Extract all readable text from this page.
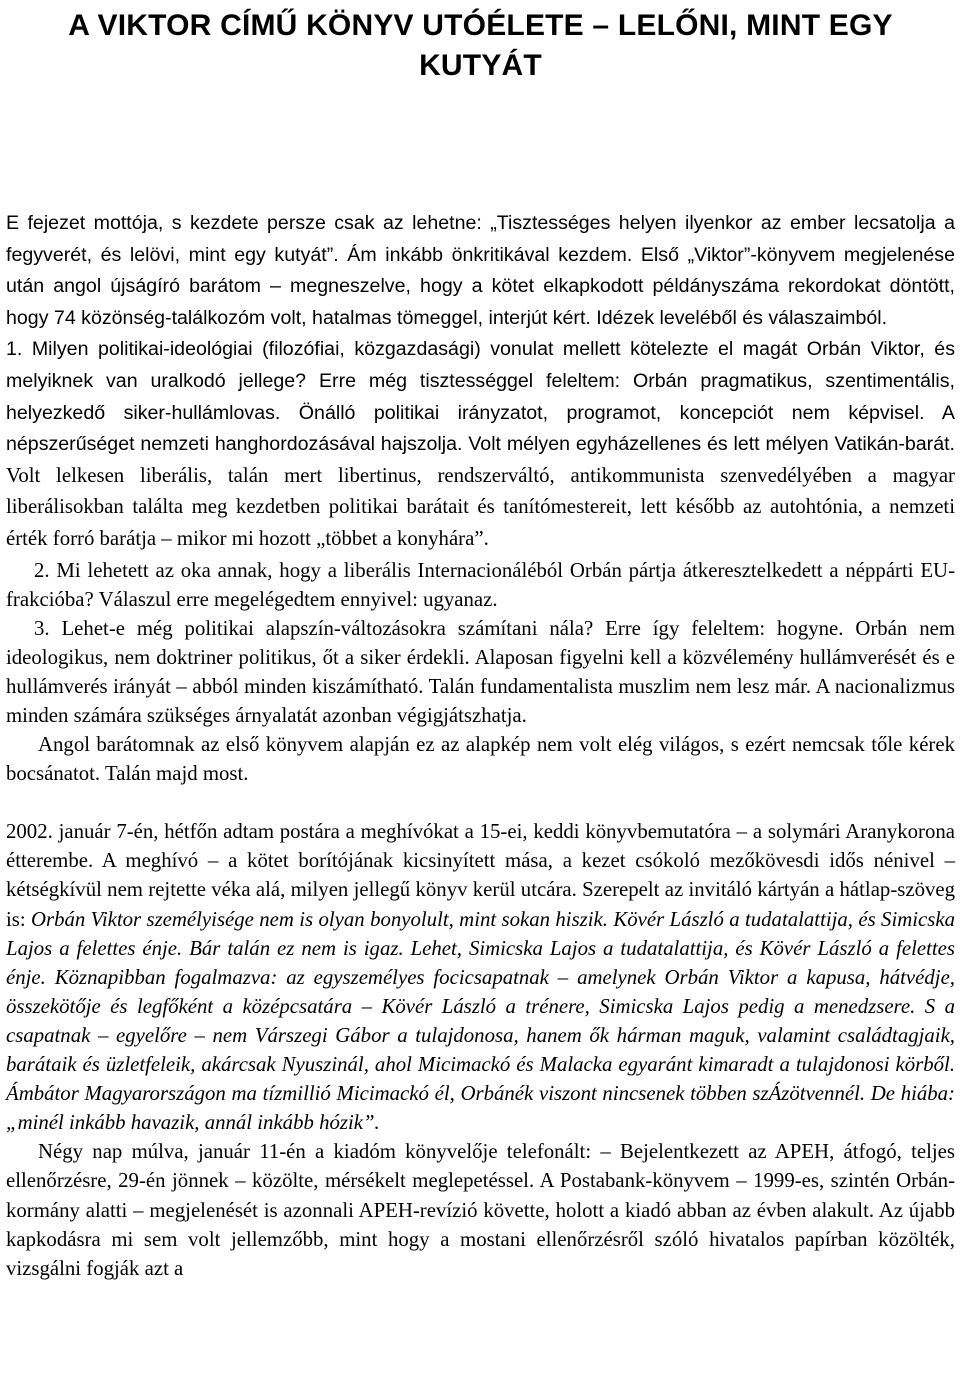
A VIKTOR CÍMŰ KÖNYV UTÓÉLETE – LELŐNI, MINT EGY KUTYÁT

E fejezet mottója, s kezdete persze csak az lehetne: „Tisztességes helyen ilyenkor az ember lecsatolja a fegyverét, és lelövi, mint egy kutyát”. Ám inkább önkritikával kezdem. Első „Viktor”-könyvem megjelenése után angol újságíró barátom – megneszelve, hogy a kötet elkapkodott példányszáma rekordokat döntött, hogy 74 közönség-találkozóm volt, hatalmas tömeggel, interjút kért. Idézek leveléből és válaszaimból.

1. Milyen politikai-ideológiai (filozófiai, közgazdasági) vonulat mellett kötelezte el magát Orbán Viktor, és melyiknek van uralkodó jellege? Erre még tisztességgel feleltem: Orbán pragmatikus, szentimentális, helyezkedő siker-hullámlovas. Önálló politikai irányzatot, programot, koncepciót nem képvisel. A népszerűséget nemzeti hanghordozásával hajszolja. Volt mélyen egyházellenes és lett mélyen Vatikán-barát. Volt lelkesen liberális, talán mert libertinus, rendszerváltó, antikommunista szenvedélyében a magyar liberálisokban találta meg kezdetben politikai barátait és tanítómestereit, lett később az autohtónia, a nemzeti érték forró barátja – mikor mi hozott „többet a konyhára”.

2. Mi lehetett az oka annak, hogy a liberális Internacionáléból Orbán pártja átkeresztelkedett a néppárti EU-frakcióba? Válaszul erre megelégedtem ennyivel: ugyanaz.

3. Lehet-e még politikai alapszín-változásokra számítani nála? Erre így feleltem: hogyne. Orbán nem ideologikus, nem doktriner politikus, őt a siker érdekli. Alaposan figyelni kell a közvélemény hullámverését és e hullámverés irányát – abból minden kiszámítható. Talán fundamentalista muszlim nem lesz már. A nacionalizmus minden számára szükséges árnyalatát azonban végigjátszhatja.

Angol barátomnak az első könyvem alapján ez az alapkép nem volt elég világos, s ezért nemcsak tőle kérek bocsánatot. Talán majd most.

2002. január 7-én, hétfőn adtam postára a meghívókat a 15-ei, keddi könyvbemutatóra – a solymári Aranykorona étterembe. A meghívó – a kötet borítójának kicsinyített mása, a kezet csókoló mezőkövesdi idős nénivel – kétségkívül nem rejtette véka alá, milyen jellegű könyv kerül utcára. Szerepelt az invitáló kártyán a hátlap-szöveg is: Orbán Viktor személyisége nem is olyan bonyolult, mint sokan hiszik. Kövér László a tudatalattija, és Simicska Lajos a felettes énje. Bár talán ez nem is igaz. Lehet, Simicska Lajos a tudatalattija, és Kövér László a felettes énje. Köznapibban fogalmazva: az egyszemélyes focicsapatnak – amelynek Orbán Viktor a kapusa, hátvédje, összekötője és legfőként a középcsatára – Kövér László a trénere, Simicska Lajos pedig a menedzsere. S a csapatnak – egyelőre – nem Várszegi Gábor a tulajdonosa, hanem ők hárman maguk, valamint családtagjaik, barátaik és üzletfeleik, akárcsak Nyuszinál, ahol Micimackó és Malacka egyaránt kimaradt a tulajdonosi körből. Ámbátor Magyarországon ma tízmillió Micimackó él, Orbánék viszont nincsenek többen szÁzötvennél. De hiába: „minél inkább havazik, annál inkább hózik”.

Négy nap múlva, január 11-én a kiadóm könyvelője telefonált: – Bejelentkezett az APEH, átfogó, teljes ellenőrzésre, 29-én jönnek – közölte, mérsékelt meglepetéssel. A Postabank-könyvem – 1999-es, szintén Orbán-kormány alatti – megjelenését is azonnali APEH-revízió követte, holott a kiadó abban az évben alakult. Az újabb kapkodásra mi sem volt jellemzőbb, mint hogy a mostani ellenőrzésről szóló hivatalos papírban közölték, vizsgálni fogják azt a
